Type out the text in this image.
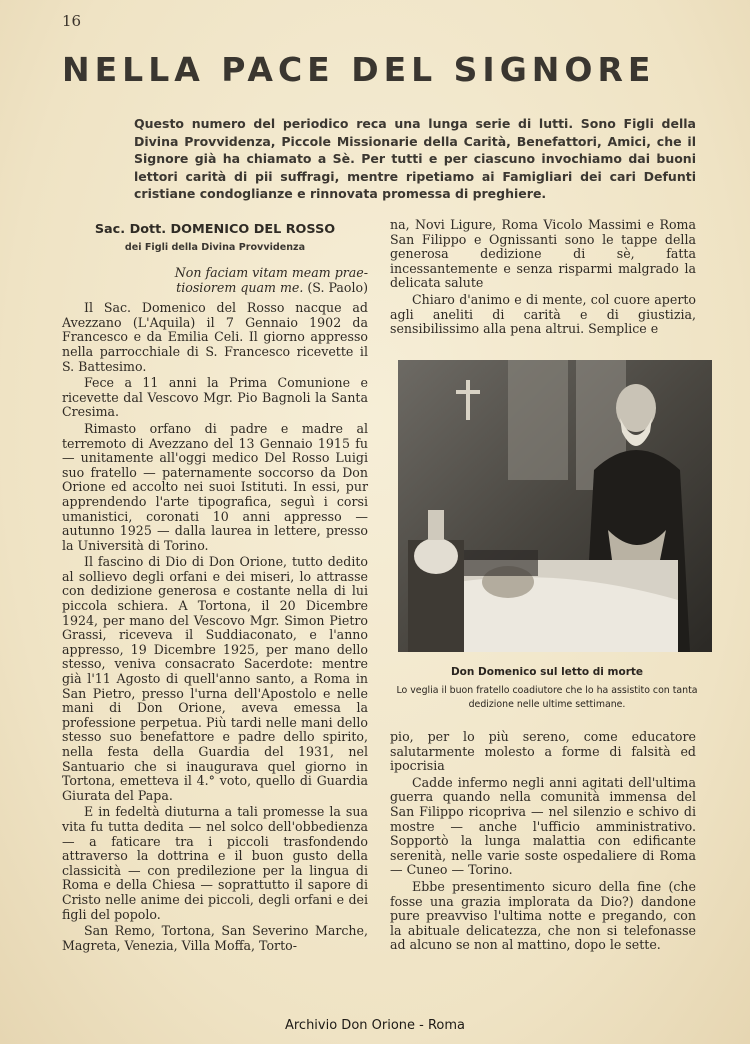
16
NELLA PACE DEL SIGNORE
Questo numero del periodico reca una lunga serie di lutti. Sono Figli della Divina Provvidenza, Piccole Missionarie della Carità, Benefattori, Amici, che il Signore già ha chiamato a Sè. Per tutti e per ciascuno invochiamo dai buoni lettori carità di pii suffragi, mentre ripetiamo ai Famigliari dei cari Defunti cristiane condoglianze e rinnovata promessa di preghiere.
Sac. Dott. DOMENICO DEL ROSSO
dei Figli della Divina Provvidenza
Non faciam vitam meam praetiosiorem quam me. (S. Paolo)

Il Sac. Domenico del Rosso nacque ad Avezzano (L'Aquila) il 7 Gennaio 1902 da Francesco e da Emilia Celi. Il giorno appresso nella parrocchiale di S. Francesco ricevette il S. Battesimo.

Fece a 11 anni la Prima Comunione e ricevette dal Vescovo Mgr. Pio Bagnoli la Santa Cresima.

Rimasto orfano di padre e madre al terremoto di Avezzano del 13 Gennaio 1915 fu — unitamente all'oggi medico Del Rosso Luigi suo fratello — paternamente soccorso da Don Orione ed accolto nei suoi Istituti. In essi, pur apprendendo l'arte tipografica, seguì i corsi umanistici, coronati 10 anni appresso — autunno 1925 — dalla laurea in lettere, presso la Università di Torino.

Il fascino di Dio di Don Orione, tutto dedito al sollievo degli orfani e dei miseri, lo attrasse con dedizione generosa e costante nella di lui piccola schiera. A Tortona, il 20 Dicembre 1924, per mano del Vescovo Mgr. Simon Pietro Grassi, riceveva il Suddiaconato, e l'anno appresso, 19 Dicembre 1925, per mano dello stesso, veniva consacrato Sacerdote: mentre già l'11 Agosto di quell'anno santo, a Roma in San Pietro, presso l'urna dell'Apostolo e nelle mani di Don Orione, aveva emessa la professione perpetua. Più tardi nelle mani dello stesso suo benefattore e padre dello spirito, nella festa della Guardia del 1931, nel Santuario che si inaugurava quel giorno in Tortona, emetteva il 4.° voto, quello di Guardia Giurata del Papa.

E in fedeltà diuturna a tali promesse la sua vita fu tutta dedita — nel solco dell'obbedienza — a faticare tra i piccoli trasfondendo attraverso la dottrina e il buon gusto della classicità — con predilezione per la lingua di Roma e della Chiesa — soprattutto il sapore di Cristo nelle anime dei piccoli, degli orfani e dei figli del popolo.

San Remo, Tortona, San Severino Marche, Magreta, Venezia, Villa Moffa, Torto-

na, Novi Ligure, Roma Vicolo Massimi e Roma San Filippo e Ognissanti sono le tappe della generosa dedizione di sè, fatta incessantemente e senza risparmi malgrado la delicata salute

Chiaro d'animo e di mente, col cuore aperto agli aneliti di carità e di giustizia, sensibilissimo alla pena altrui. Semplice e

Don Domenico sul letto di morte
Lo veglia il buon fratello coadiutore che lo ha assistito con tanta dedizione nelle ultime settimane.

pio, per lo più sereno, come educatore salutarmente molesto a forme di falsità ed ipocrisia

Cadde infermo negli anni agitati dell'ultima guerra quando nella comunità immensa del San Filippo ricopriva — nel silenzio e schivo di mostre — anche l'ufficio amministrativo. Sopportò la lunga malattia con edificante serenità, nelle varie soste ospedaliere di Roma — Cuneo — Torino.

Ebbe presentimento sicuro della fine (che fosse una grazia implorata da Dio?) dandone pure preavviso l'ultima notte e pregando, con la abituale delicatezza, che non si telefonasse ad alcuno se non al mattino, dopo le sette.

Archivio Don Orione - Roma
